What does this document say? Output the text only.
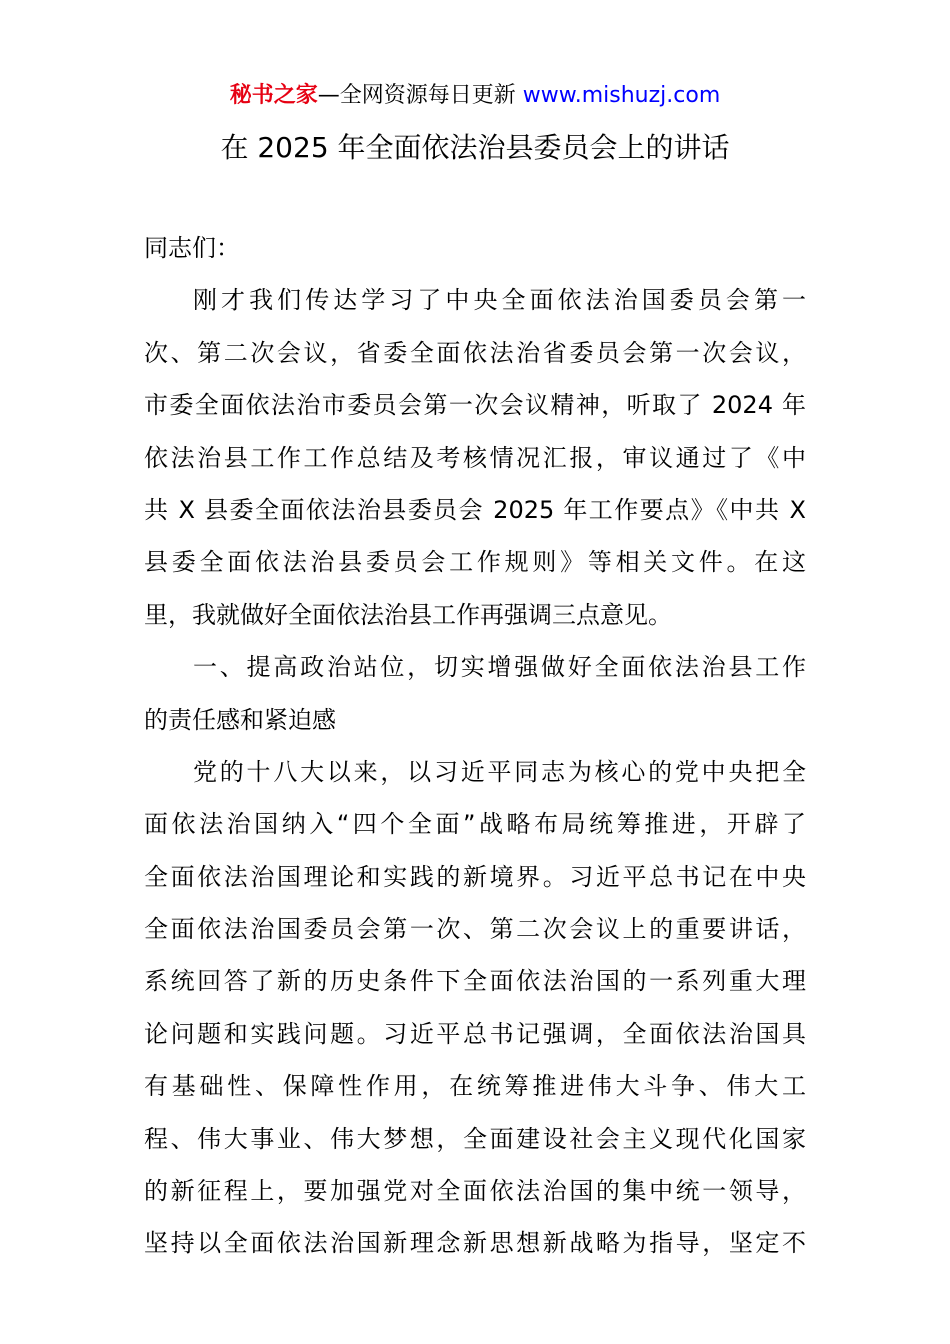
秘书之家—全网资源每日更新 www.mishuzj.com
在 2025 年全面依法治县委员会上的讲话
同志们：
刚才我们传达学习了中央全面依法治国委员会第一
次、第二次会议，省委全面依法治省委员会第一次会议，
市委全面依法治市委员会第一次会议精神，听取了 2024 年
依法治县工作工作总结及考核情况汇报，审议通过了《中
共 X 县委全面依法治县委员会 2025 年工作要点》《中共 X
县委全面依法治县委员会工作规则》等相关文件。在这
里，我就做好全面依法治县工作再强调三点意见。
一、提高政治站位，切实增强做好全面依法治县工作
的责任感和紧迫感
党的十八大以来，以习近平同志为核心的党中央把全
面依法治国纳入“四个全面”战略布局统筹推进，开辟了
全面依法治国理论和实践的新境界。习近平总书记在中央
全面依法治国委员会第一次、第二次会议上的重要讲话，
系统回答了新的历史条件下全面依法治国的一系列重大理
论问题和实践问题。习近平总书记强调，全面依法治国具
有基础性、保障性作用，在统筹推进伟大斗争、伟大工
程、伟大事业、伟大梦想，全面建设社会主义现代化国家
的新征程上，要加强党对全面依法治国的集中统一领导，
坚持以全面依法治国新理念新思想新战略为指导，坚定不
